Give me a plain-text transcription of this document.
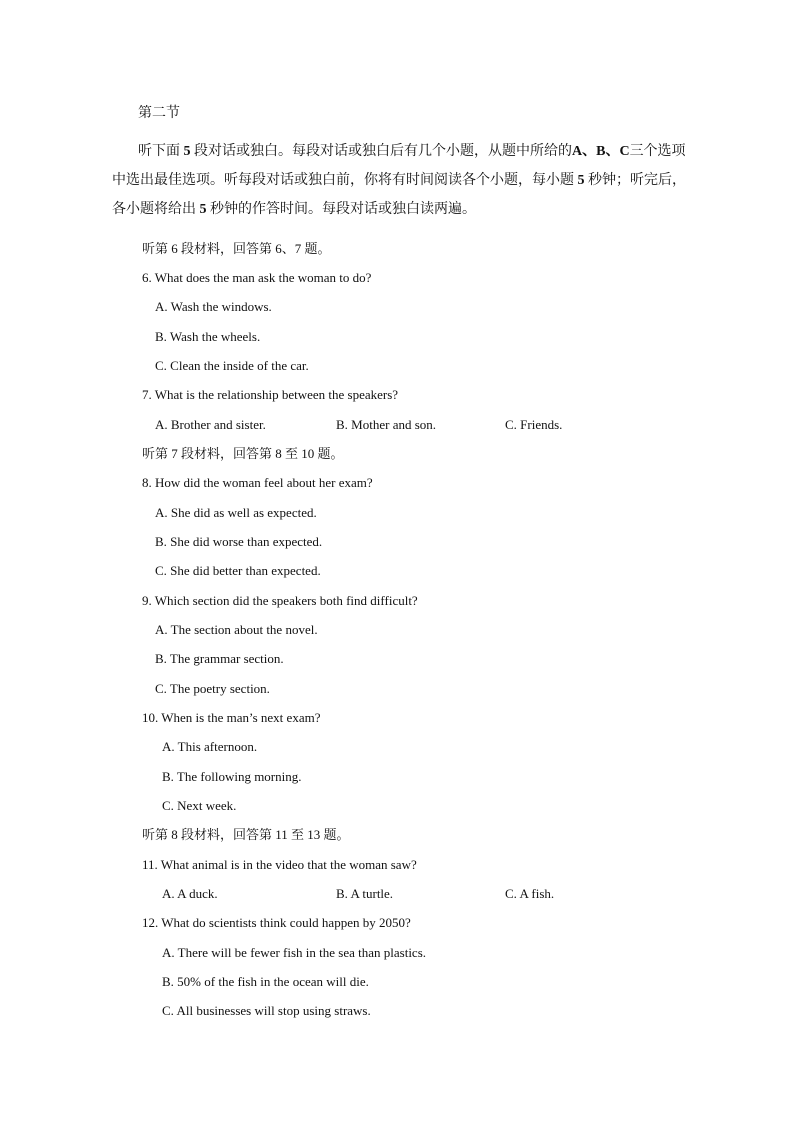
第二节
听下面 5 段对话或独白。每段对话或独白后有几个小题，从题中所给的A、B、C三个选项
中选出最佳选项。听每段对话或独白前，你将有时间阅读各个小题，每小题 5 秒钟；听完后，
各小题将给出 5 秒钟的作答时间。每段对话或独白读两遍。
听第 6 段材料，回答第 6、7 题。
6. What does the man ask the woman to do?
A. Wash the windows.
B. Wash the wheels.
C. Clean the inside of the car.
7. What is the relationship between the speakers?
A. Brother and sister.	B. Mother and son.	C. Friends.
听第 7 段材料，回答第 8 至 10 题。
8. How did the woman feel about her exam?
A. She did as well as expected.
B. She did worse than expected.
C. She did better than expected.
9. Which section did the speakers both find difficult?
A. The section about the novel.
B. The grammar section.
C. The poetry section.
10. When is the man’s next exam?
A. This afternoon.
B. The following morning.
C. Next week.
听第 8 段材料，回答第 11 至 13 题。
11. What animal is in the video that the woman saw?
A. A duck.	B. A turtle.	C. A fish.
12. What do scientists think could happen by 2050?
A. There will be fewer fish in the sea than plastics.
B. 50% of the fish in the ocean will die.
C. All businesses will stop using straws.
